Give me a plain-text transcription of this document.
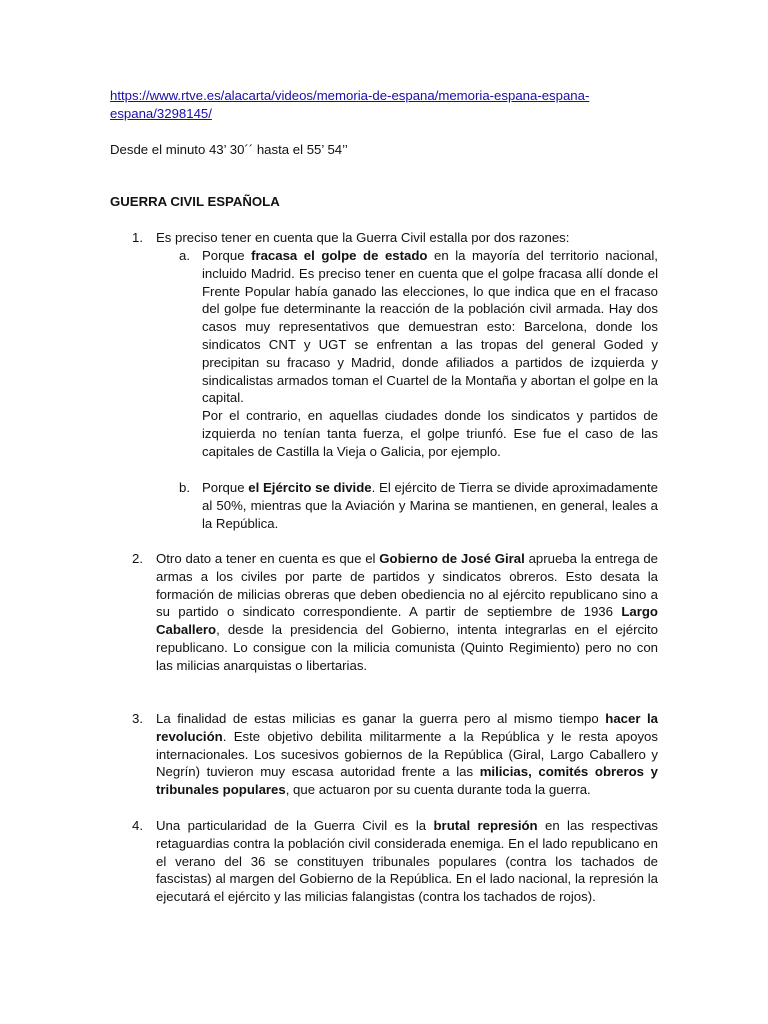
https://www.rtve.es/alacarta/videos/memoria-de-espana/memoria-espana-espana-espana/3298145/
Desde el minuto 43’ 30´´ hasta el 55’ 54’’
GUERRA CIVIL ESPAÑOLA
1. Es preciso tener en cuenta que la Guerra Civil estalla por dos razones:

a. Porque fracasa el golpe de estado en la mayoría del territorio nacional, incluido Madrid. Es preciso tener en cuenta que el golpe fracasa allí donde el Frente Popular había ganado las elecciones, lo que indica que en el fracaso del golpe fue determinante la reacción de la población civil armada. Hay dos casos muy representativos que demuestran esto: Barcelona, donde los sindicatos CNT y UGT se enfrentan a las tropas del general Goded y precipitan su fracaso y Madrid, donde afiliados a partidos de izquierda y sindicalistas armados toman el Cuartel de la Montaña y abortan el golpe en la capital.

Por el contrario, en aquellas ciudades donde los sindicatos y partidos de izquierda no tenían tanta fuerza, el golpe triunfó. Ese fue el caso de las capitales de Castilla la Vieja o Galicia, por ejemplo.

b. Porque el Ejército se divide. El ejército de Tierra se divide aproximadamente al 50%, mientras que la Aviación y Marina se mantienen, en general, leales a la República.

2. Otro dato a tener en cuenta es que el Gobierno de José Giral aprueba la entrega de armas a los civiles por parte de partidos y sindicatos obreros. Esto desata la formación de milicias obreras que deben obediencia no al ejército republicano sino a su partido o sindicato correspondiente. A partir de septiembre de 1936 Largo Caballero, desde la presidencia del Gobierno, intenta integrarlas en el ejército republicano. Lo consigue con la milicia comunista (Quinto Regimiento) pero no con las milicias anarquistas o libertarias.

3. La finalidad de estas milicias es ganar la guerra pero al mismo tiempo hacer la revolución. Este objetivo debilita militarmente a la República y le resta apoyos internacionales. Los sucesivos gobiernos de la República (Giral, Largo Caballero y Negrín) tuvieron muy escasa autoridad frente a las milicias, comités obreros y tribunales populares, que actuaron por su cuenta durante toda la guerra.

4. Una particularidad de la Guerra Civil es la brutal represión en las respectivas retaguardias contra la población civil considerada enemiga. En el lado republicano en el verano del 36 se constituyen tribunales populares (contra los tachados de fascistas) al margen del Gobierno de la República. En el lado nacional, la represión la ejecutará el ejército y las milicias falangistas (contra los tachados de rojos).
